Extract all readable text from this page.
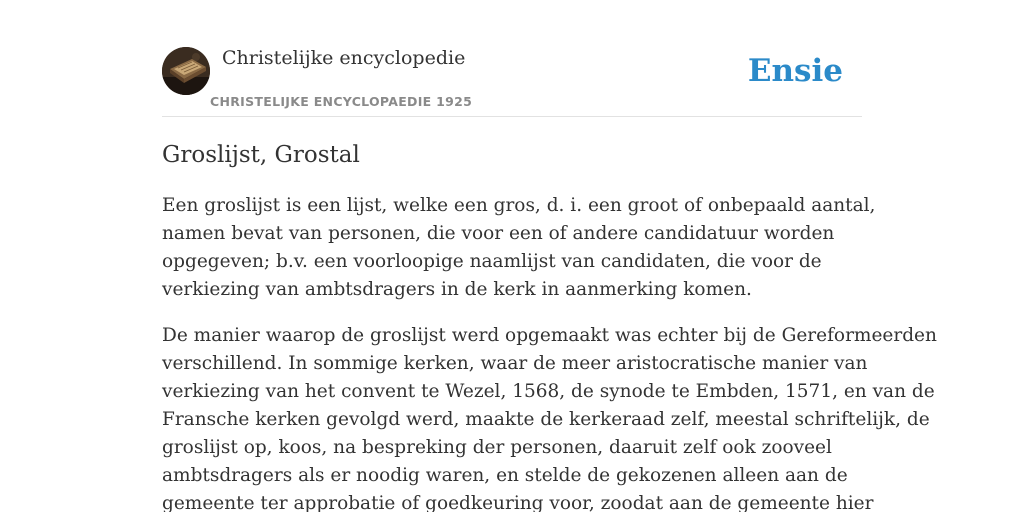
Christelijke encyclopedie
CHRISTELIJKE ENCYCLOPAEDIE 1925
Ensie
Groslijst, Grostal

Een groslijst is een lijst, welke een gros, d. i. een groot of onbepaald aantal,
namen bevat van personen, die voor een of andere candidatuur worden
opgegeven; b.v. een voorloopige naamlijst van candidaten, die voor de
verkiezing van ambtsdragers in de kerk in aanmerking komen.

De manier waarop de groslijst werd opgemaakt was echter bij de Gereformeerden
verschillend. In sommige kerken, waar de meer aristocratische manier van
verkiezing van het convent te Wezel, 1568, de synode te Embden, 1571, en van de
Fransche kerken gevolgd werd, maakte de kerkeraad zelf, meestal schriftelijk, de
groslijst op, koos, na bespreking der personen, daaruit zelf ook zooveel
ambtsdragers als er noodig waren, en stelde de gekozenen alleen aan de
gemeente ter approbatie of goedkeuring voor, zoodat aan de gemeente hier
